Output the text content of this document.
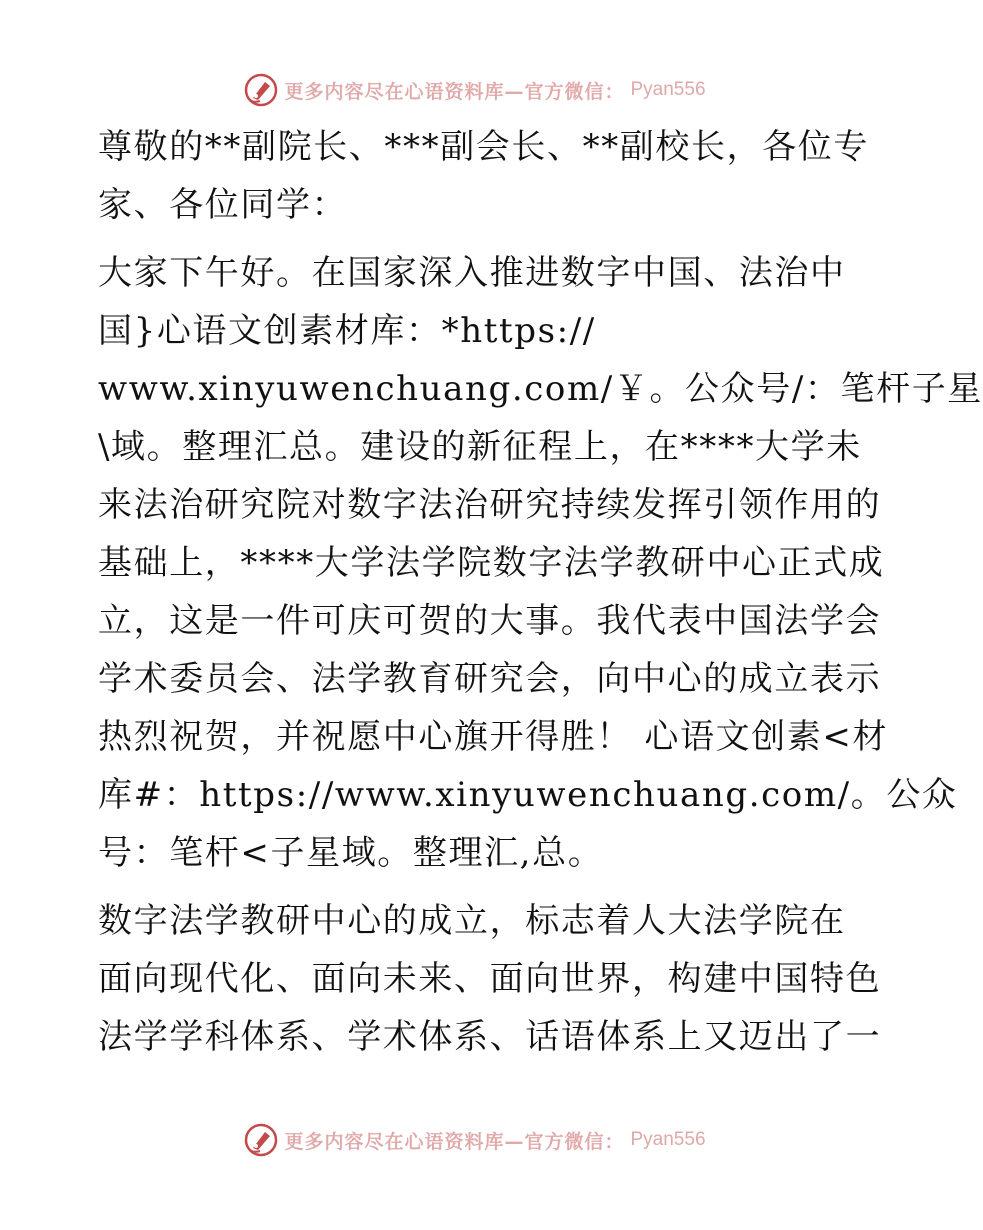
更多内容尽在心语资料库—官方微信： Pyan556
尊敬的**副院长、***副会长、**副校长，各位专
家、各位同学：
大家下午好。在国家深入推进数字中国、法治中
国}心语文创素材库：*https://
www.xinyuwenchuang.com/￥。公众号/：笔杆子星
\域。整理汇总。建设的新征程上，在****大学未
来法治研究院对数字法治研究持续发挥引领作用的
基础上，****大学法学院数字法学教研中心正式成
立，这是一件可庆可贺的大事。我代表中国法学会
学术委员会、法学教育研究会，向中心的成立表示
热烈祝贺，并祝愿中心旗开得胜！ 心语文创素<材
库#：https://www.xinyuwenchuang.com/。公众
号：笔杆<子星域。整理汇,总。
数字法学教研中心的成立，标志着人大法学院在
面向现代化、面向未来、面向世界，构建中国特色
法学学科体系、学术体系、话语体系上又迈出了一
更多内容尽在心语资料库—官方微信： Pyan556
